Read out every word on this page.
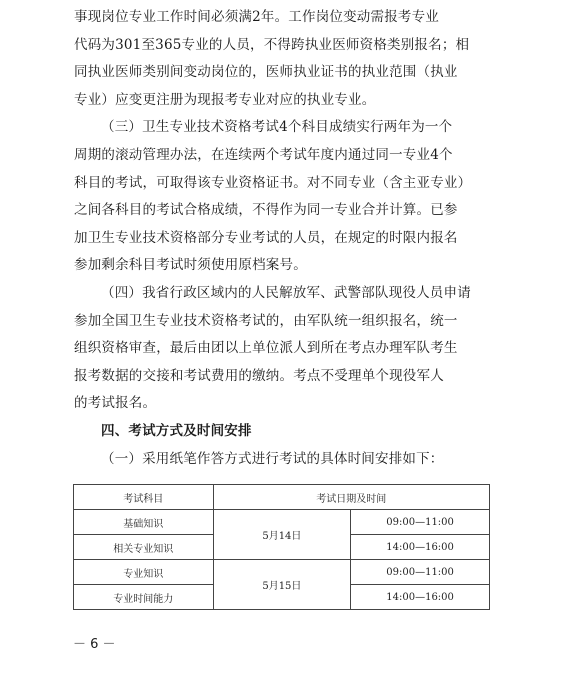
事现岗位专业工作时间必须满2年。工作岗位变动需报考专业
代码为301至365专业的人员，不得跨执业医师资格类别报名；相
同执业医师类别间变动岗位的，医师执业证书的执业范围（执业
专业）应变更注册为现报考专业对应的执业专业。
（三）卫生专业技术资格考试4个科目成绩实行两年为一个
周期的滚动管理办法，在连续两个考试年度内通过同一专业4个
科目的考试，可取得该专业资格证书。对不同专业（含主亚专业）
之间各科目的考试合格成绩，不得作为同一专业合并计算。已参
加卫生专业技术资格部分专业考试的人员，在规定的时限内报名
参加剩余科目考试时须使用原档案号。
（四）我省行政区域内的人民解放军、武警部队现役人员申请
参加全国卫生专业技术资格考试的，由军队统一组织报名，统一
组织资格审查，最后由团以上单位派人到所在考点办理军队考生
报考数据的交接和考试费用的缴纳。考点不受理单个现役军人
的考试报名。
四、考试方式及时间安排
（一）采用纸笔作答方式进行考试的具体时间安排如下：
考试科目	考试日期及时间	
基础知识	5月14日	09:00—11:00
相关专业知识		14:00—16:00
专业知识	5月15日	09:00—11:00
专业时间能力		14:00—16:00
－ 6 －
